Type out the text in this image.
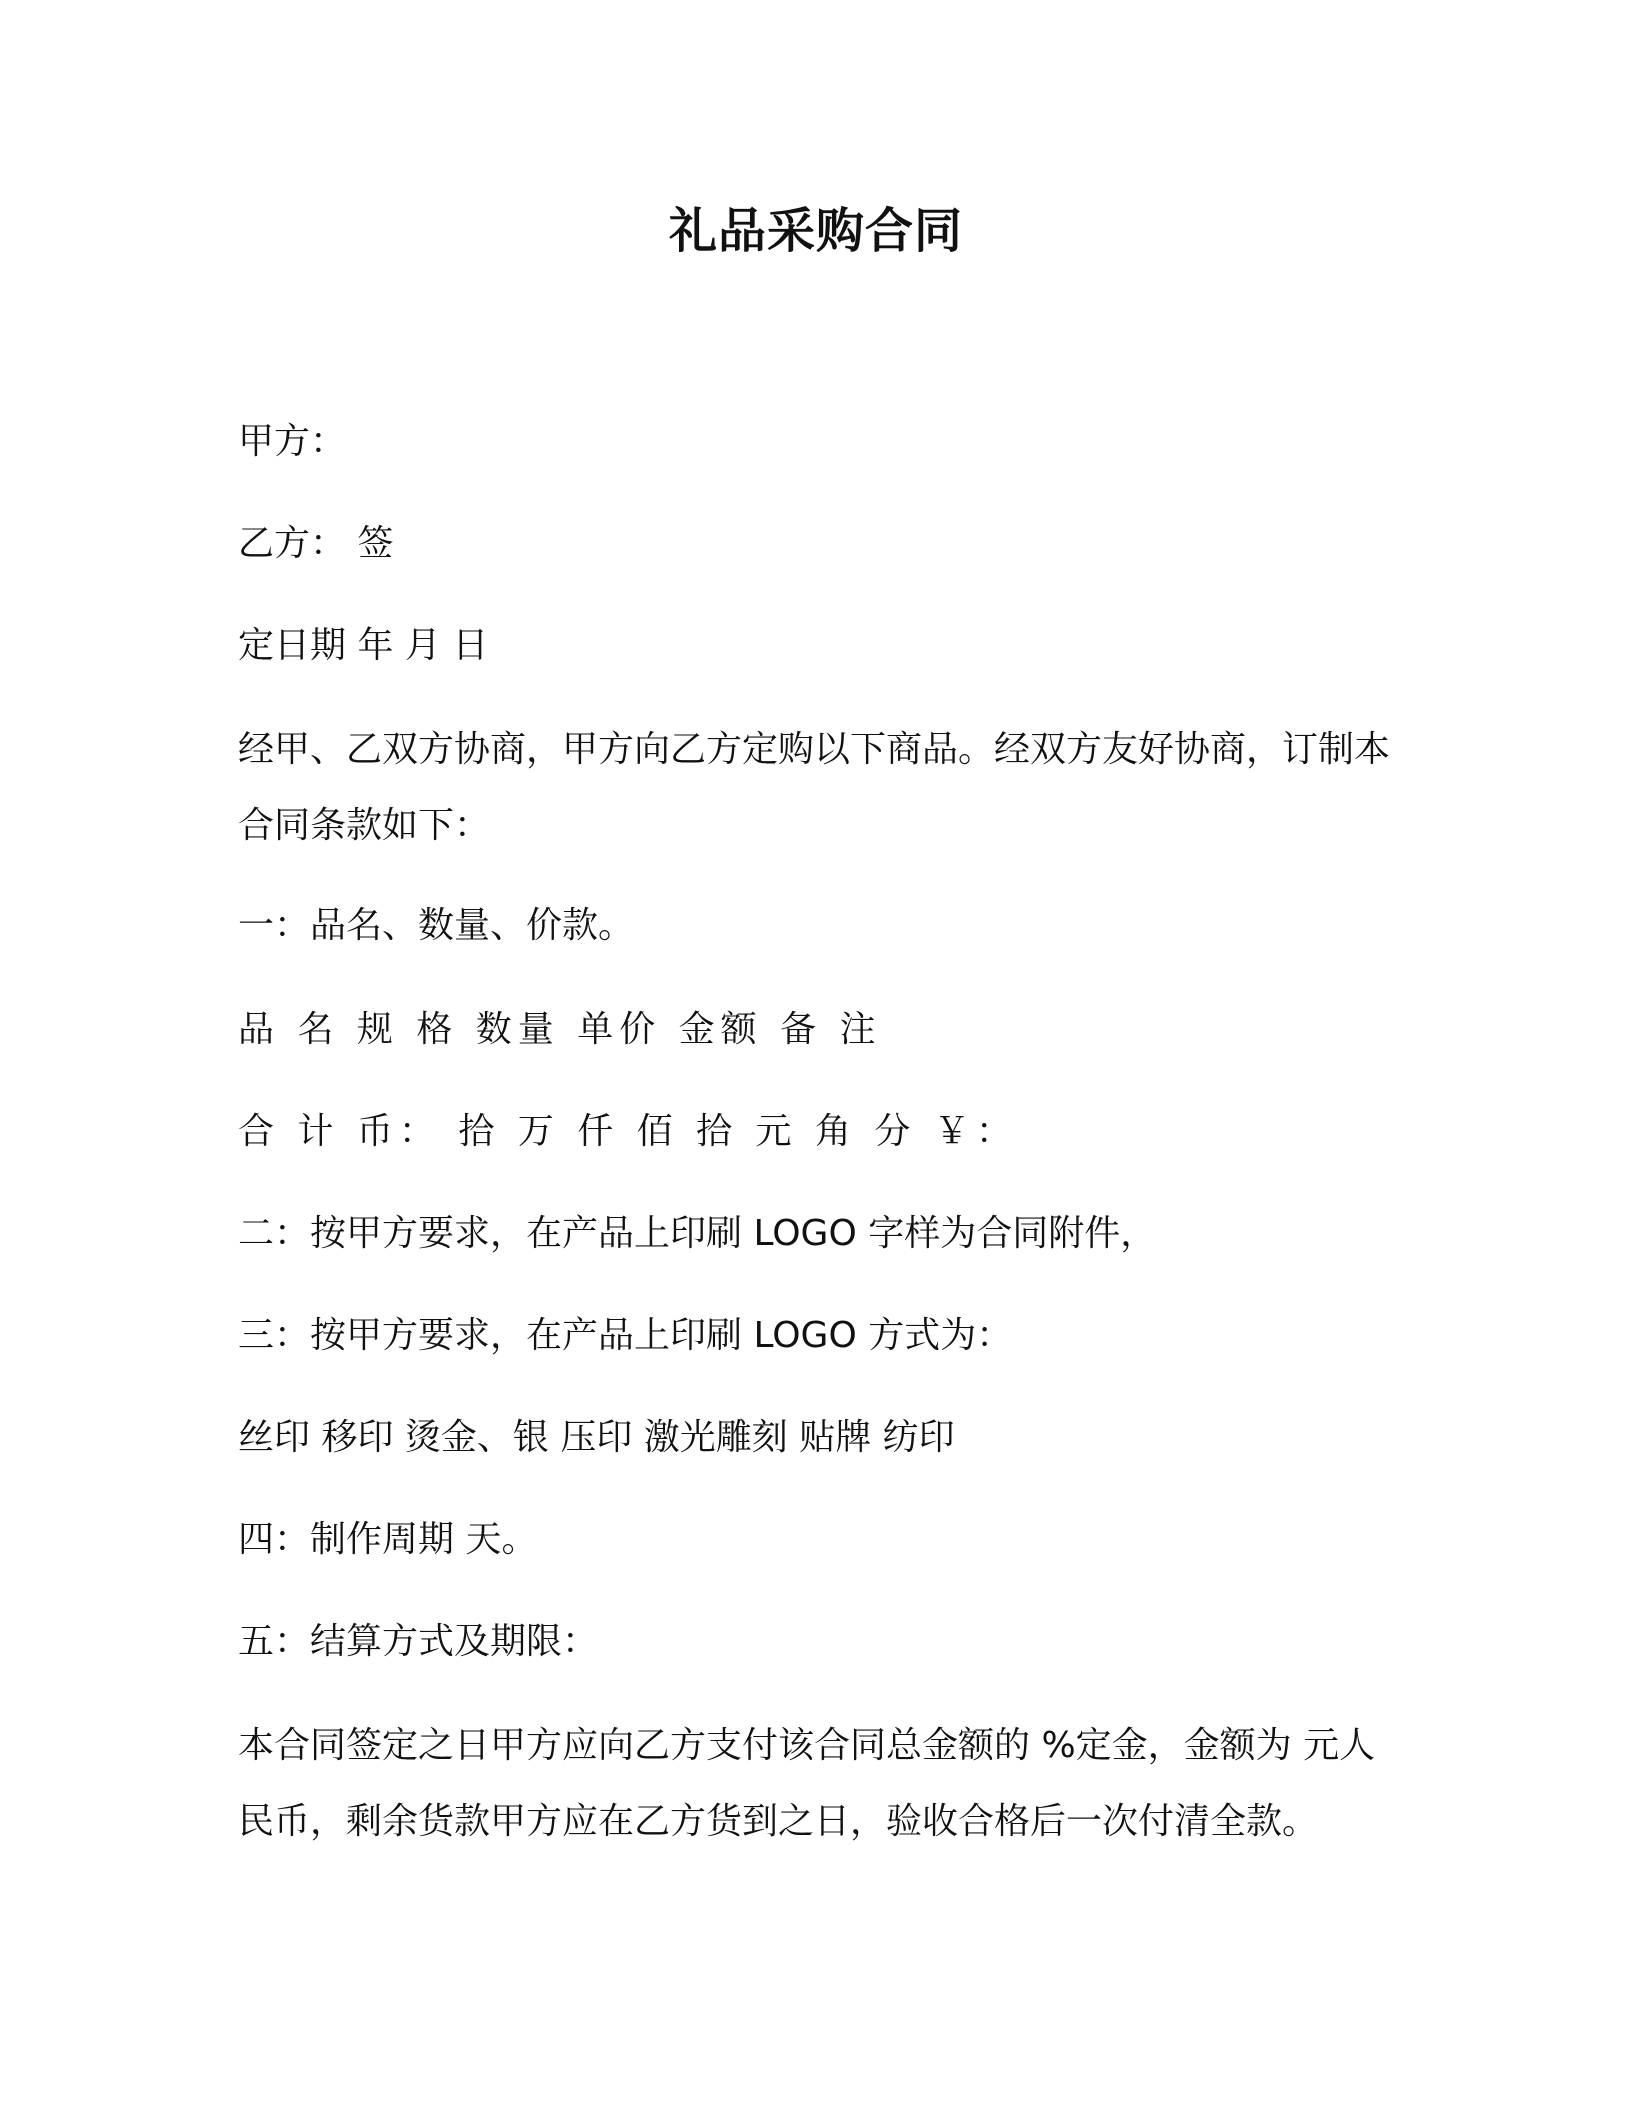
礼品采购合同
甲方：
乙方： 签
定日期 年 月 日
经甲、乙双方协商，甲方向乙方定购以下商品。经双方友好协商，订制本合同条款如下：
一：品名、数量、价款。
品 名 规 格 数量 单价 金额 备 注
合 计 币： 拾 万 仟 佰 拾 元 角 分 ￥：
二：按甲方要求，在产品上印刷 LOGO 字样为合同附件，
三：按甲方要求，在产品上印刷 LOGO 方式为：
丝印 移印 烫金、银 压印 激光雕刻 贴牌 纺印
四：制作周期 天。
五：结算方式及期限：
本合同签定之日甲方应向乙方支付该合同总金额的 %定金，金额为 元人民币，剩余货款甲方应在乙方货到之日，验收合格后一次付清全款。
